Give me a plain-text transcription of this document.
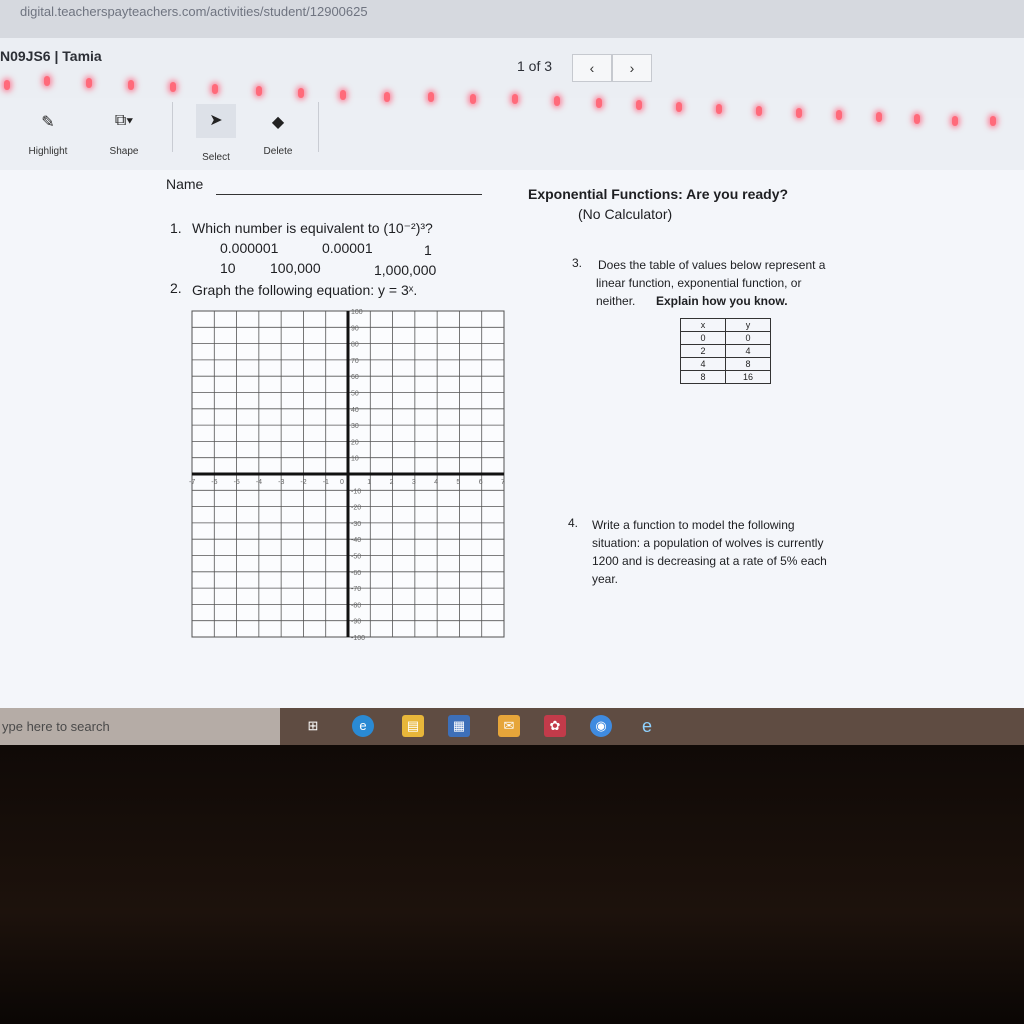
digital.teacherspayteachers.com/activities/student/12900625
N09JS6 | Tamia
1 of 3	‹	›
✎
Highlight
⧉▾
Shape
➤
Select
◆
Delete
Name
Exponential Functions: Are you ready?
(No Calculator)
1. Which number is equivalent to (10⁻²)³?
0.000001	0.00001	1
10 100,000	1,000,000
2. Graph the following equation: y = 3ˣ.
3. Does the table of values below represent a
linear function, exponential function, or
neither. Explain how you know.
4. Write a function to model the following
situation: a population of wolves is currently
1200 and is decreasing at a rate of 5% each
year.
x	y
0	0
2	4
4	8
8	16
100
90
80
70
60
50
40
30
20
10
-10
-20
-30
-40
-50
-60
-70
-80
-90
-100
-7 -6 -5 -4 -3 -2 -1	1	2	3	4	5	6	7
0
ype here to search	⊞	e	▤	▦	✉	✿	◉	e
